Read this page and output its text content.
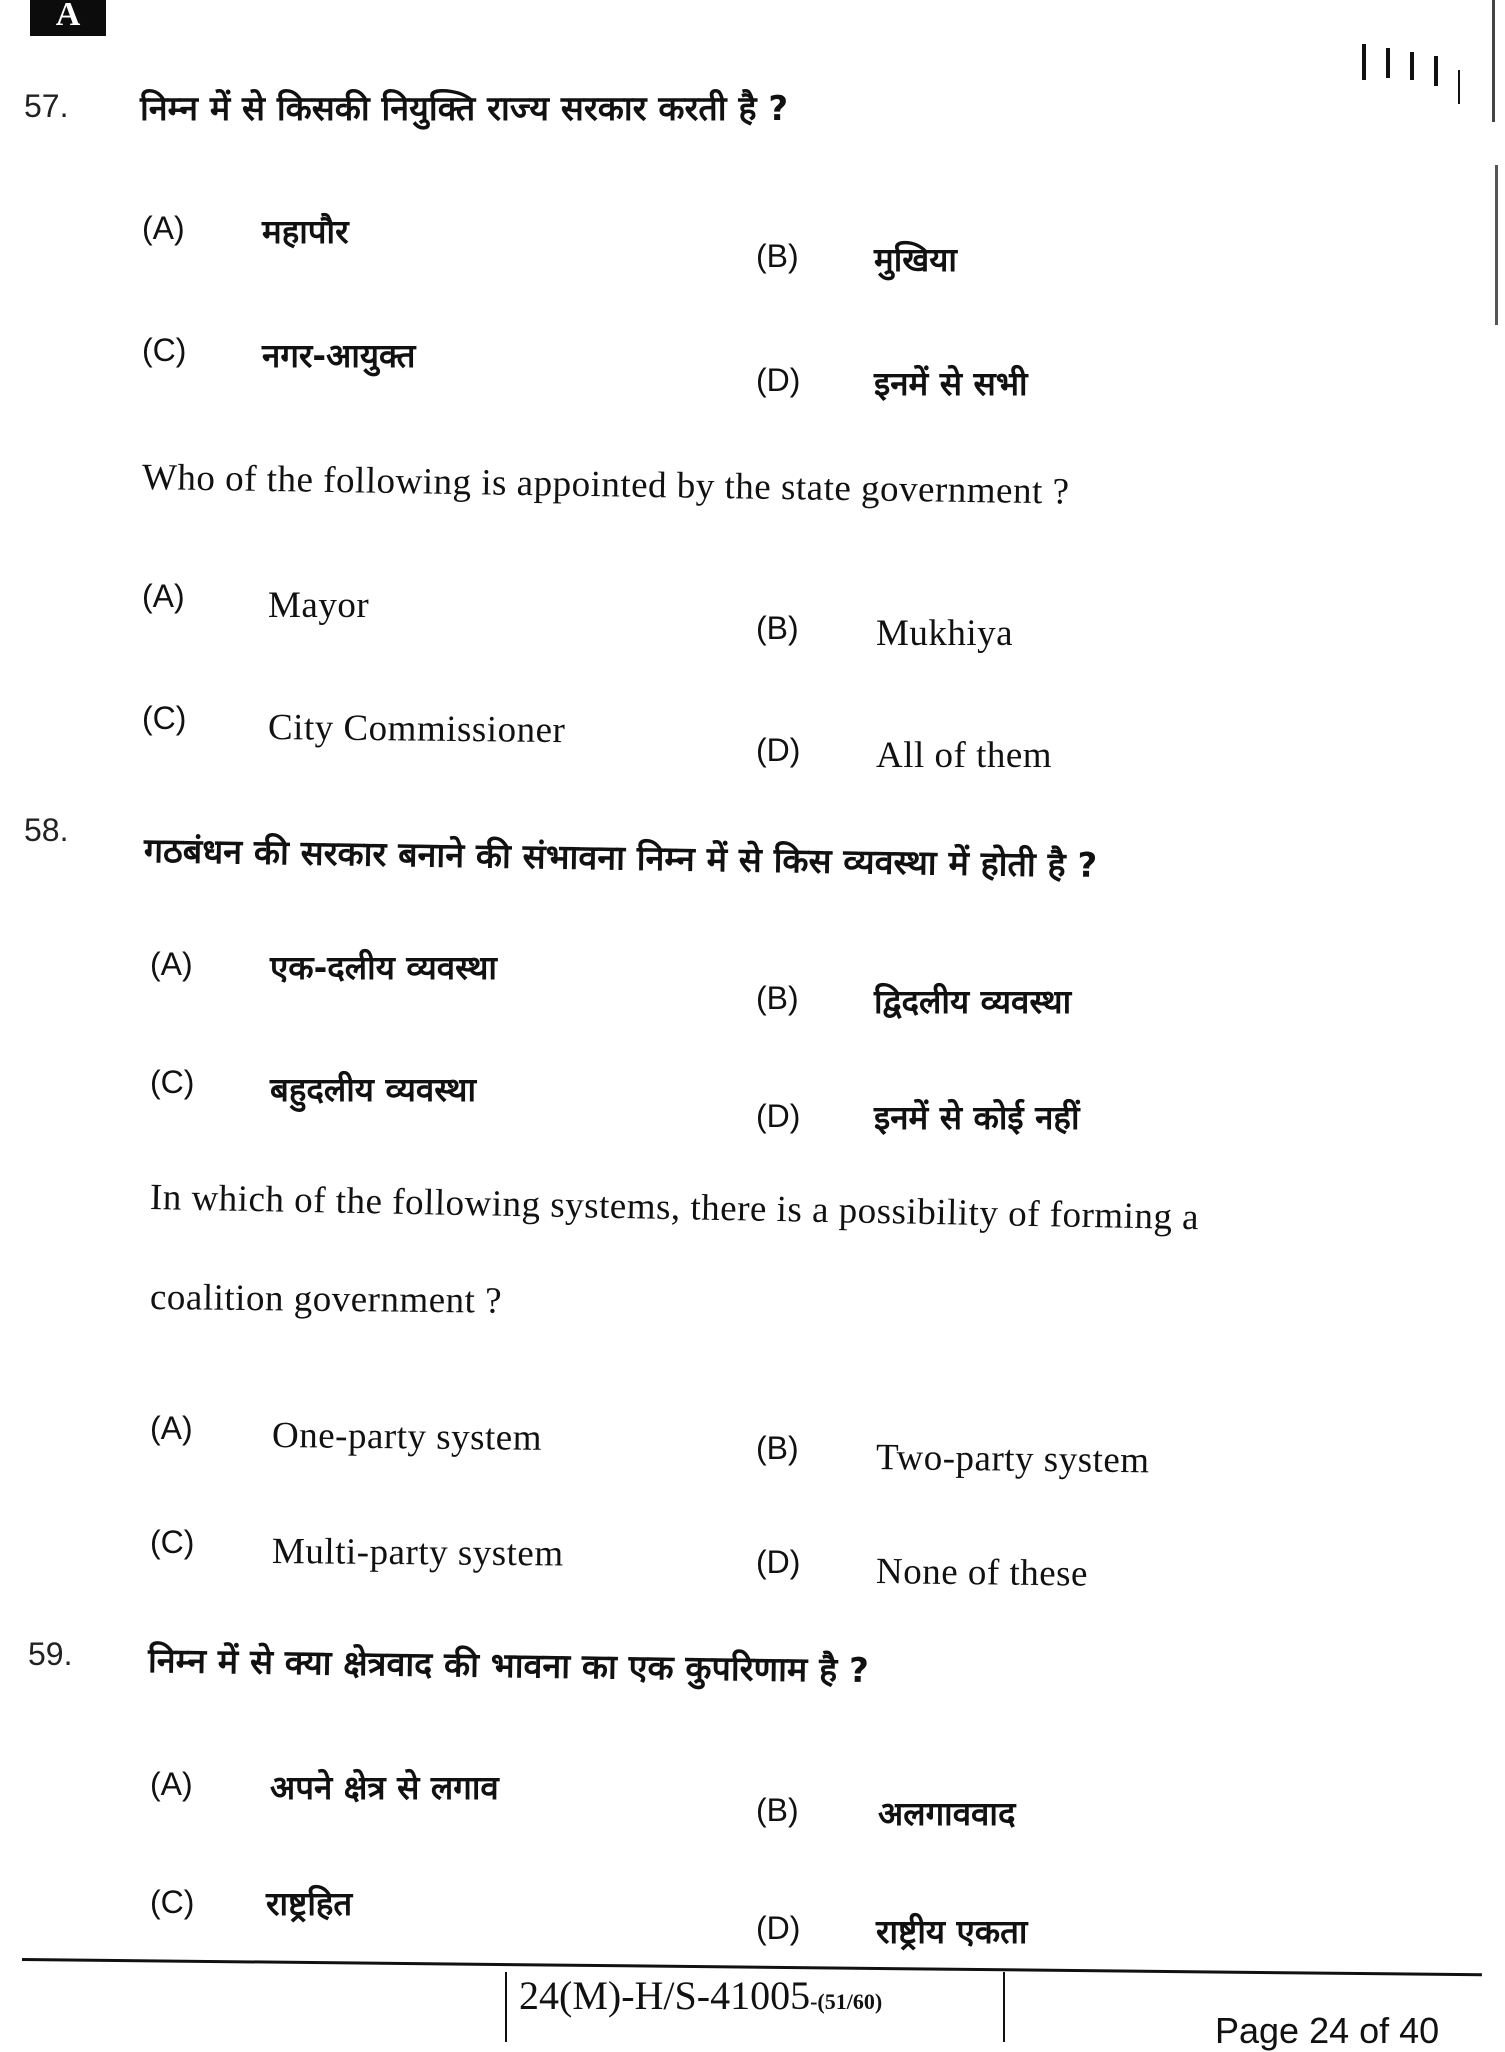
A
57. निम्न में से किसकी नियुक्ति राज्य सरकार करती है ?
(A) महापौर
(B) मुखिया
(C) नगर-आयुक्त
(D) इनमें से सभी
Who of the following is appointed by the state government ?
(A) Mayor
(B) Mukhiya
(C) City Commissioner	(D) All of them
58.
गठबंधन की सरकार बनाने की संभावना निम्न में से किस व्यवस्था में होती है ?
(A) एक-दलीय व्यवस्था
(B) द्विदलीय व्यवस्था
(C) बहुदलीय व्यवस्था
(D) इनमें से कोई नहीं
In which of the following systems, there is a possibility of forming a
coalition government ?
(A) One-party system	(B) Two-party system
(C) Multi-party system	(D) None of these
59. निम्न में से क्या क्षेत्रवाद की भावना का एक कुपरिणाम है ?
(A) अपने क्षेत्र से लगाव
(B) अलगाववाद
(C) राष्ट्रहित
(D) राष्ट्रीय एकता
24(M)-H/S-41005-(51/60)
Page 24 of 40
